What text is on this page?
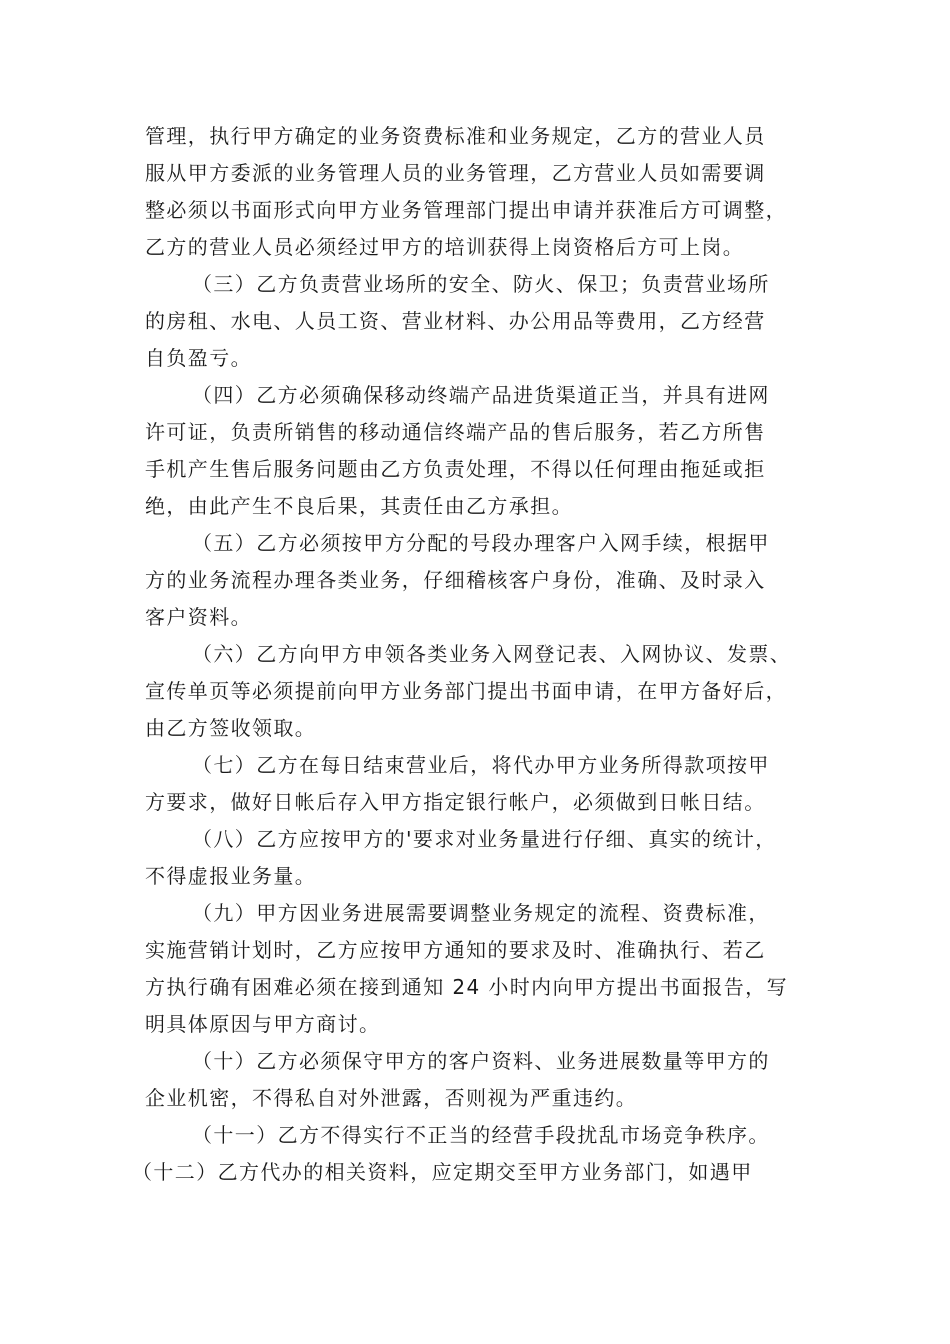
管理，执行甲方确定的业务资费标准和业务规定，乙方的营业人员
服从甲方委派的业务管理人员的业务管理，乙方营业人员如需要调
整必须以书面形式向甲方业务管理部门提出申请并获准后方可调整，
乙方的营业人员必须经过甲方的培训获得上岗资格后方可上岗。
（三）乙方负责营业场所的安全、防火、保卫；负责营业场所
的房租、水电、人员工资、营业材料、办公用品等费用，乙方经营
自负盈亏。
（四）乙方必须确保移动终端产品进货渠道正当，并具有进网
许可证，负责所销售的移动通信终端产品的售后服务，若乙方所售
手机产生售后服务问题由乙方负责处理，不得以任何理由拖延或拒
绝，由此产生不良后果，其责任由乙方承担。
（五）乙方必须按甲方分配的号段办理客户入网手续，根据甲
方的业务流程办理各类业务，仔细稽核客户身份，准确、及时录入
客户资料。
（六）乙方向甲方申领各类业务入网登记表、入网协议、发票、
宣传单页等必须提前向甲方业务部门提出书面申请，在甲方备好后，
由乙方签收领取。
（七）乙方在每日结束营业后，将代办甲方业务所得款项按甲
方要求，做好日帐后存入甲方指定银行帐户，必须做到日帐日结。
（八）乙方应按甲方的'要求对业务量进行仔细、真实的统计，
不得虚报业务量。
（九）甲方因业务进展需要调整业务规定的流程、资费标准，
实施营销计划时，乙方应按甲方通知的要求及时、准确执行、若乙
方执行确有困难必须在接到通知 24 小时内向甲方提出书面报告，写
明具体原因与甲方商讨。
（十）乙方必须保守甲方的客户资料、业务进展数量等甲方的
企业机密，不得私自对外泄露，否则视为严重违约。
（十一）乙方不得实行不正当的经营手段扰乱市场竞争秩序。
（十二）乙方代办的相关资料，应定期交至甲方业务部门，如遇甲
